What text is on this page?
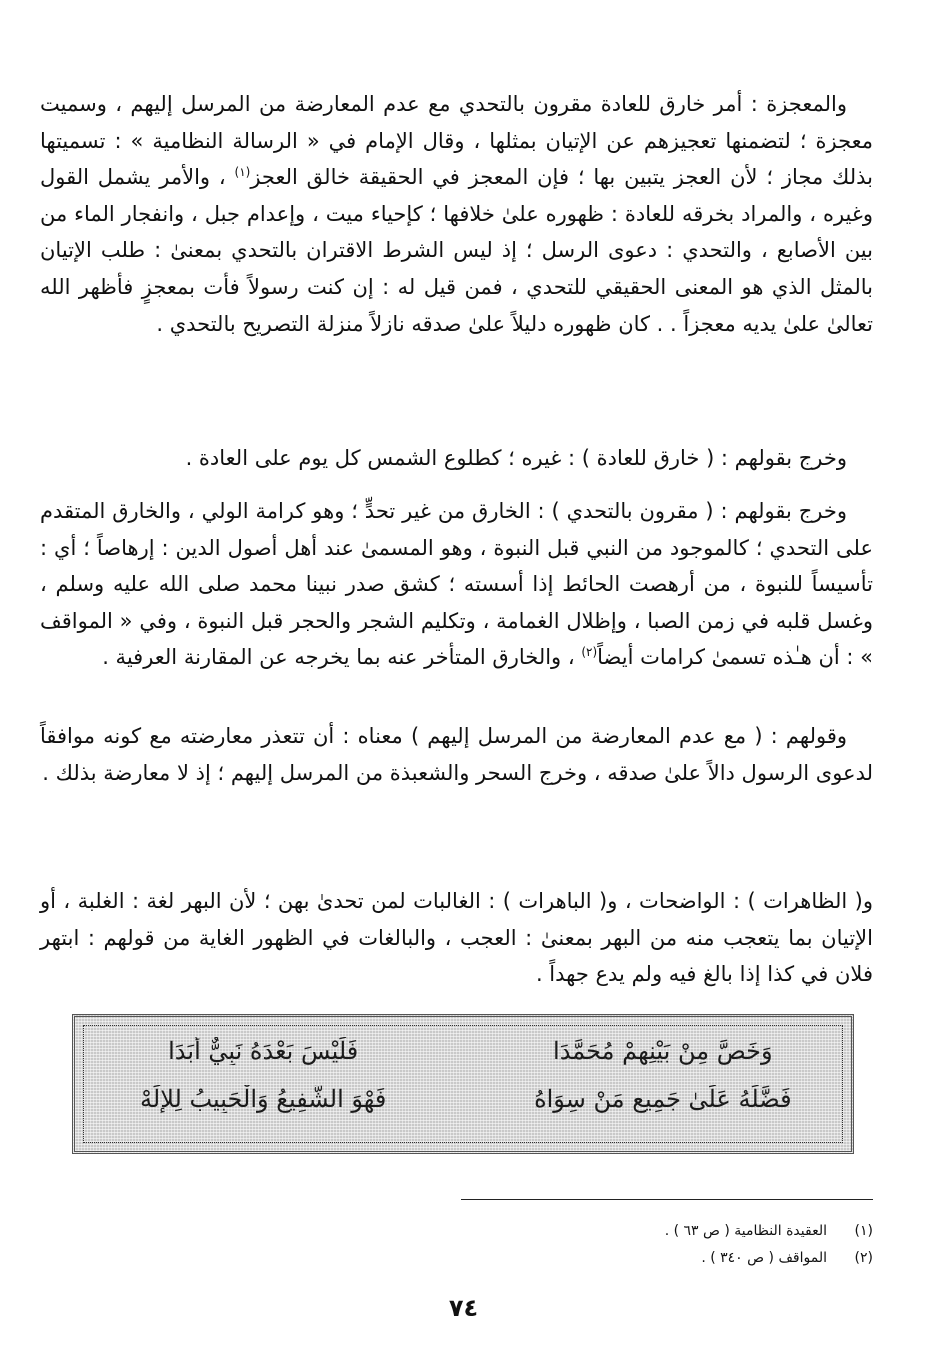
والمعجزة : أمر خارق للعادة مقرون بالتحدي مع عدم المعارضة من المرسل إليهم ، وسميت معجزة ؛ لتضمنها تعجيزهم عن الإتيان بمثلها ، وقال الإمام في « الرسالة النظامية » : تسميتها بذلك مجاز ؛ لأن العجز يتبين بها ؛ فإن المعجز في الحقيقة خالق العجز$^{(١)}$ ، والأمر يشمل القول وغيره ، والمراد بخرقه للعادة : ظهوره علىٰ خلافها ؛ كإحياء ميت ، وإعدام جبل ، وانفجار الماء من بين الأصابع ، والتحدي : دعوى الرسل ؛ إذ ليس الشرط الاقتران بالتحدي بمعنىٰ : طلب الإتيان بالمثل الذي هو المعنى الحقيقي للتحدي ، فمن قيل له : إن كنت رسولاً فأت بمعجزٍ فأظهر الله تعالىٰ علىٰ يديه معجزاً . . كان ظهوره دليلاً علىٰ صدقه نازلاً منزلة التصريح بالتحدي .

وخرج بقولهم : ( خارق للعادة ) : غيره ؛ كطلوع الشمس كل يوم على العادة .

وخرج بقولهم : ( مقرون بالتحدي ) : الخارق من غير تحدٍّ ؛ وهو كرامة الولي ، والخارق المتقدم على التحدي ؛ كالموجود من النبي قبل النبوة ، وهو المسمىٰ عند أهل أصول الدين : إرهاصاً ؛ أي : تأسيساً للنبوة ، من أرهصت الحائط إذا أسسته ؛ كشق صدر نبينا محمد صلى الله عليه وسلم ، وغسل قلبه في زمن الصبا ، وإظلال الغمامة ، وتكليم الشجر والحجر قبل النبوة ، وفي « المواقف » : أن هـٰذه تسمىٰ كرامات أيضاً$^{(٢)}$ ، والخارق المتأخر عنه بما يخرجه عن المقارنة العرفية .

وقولهم : ( مع عدم المعارضة من المرسل إليهم ) معناه : أن تتعذر معارضته مع كونه موافقاً لدعوى الرسول دالاً علىٰ صدقه ، وخرج السحر والشعبذة من المرسل إليهم ؛ إذ لا معارضة بذلك .

و( الظاهرات ) : الواضحات ، و( الباهرات ) : الغالبات لمن تحدىٰ بهن ؛ لأن البهر لغة : الغلبة ، أو الإتيان بما يتعجب منه من البهر بمعنىٰ : العجب ، والبالغات في الظهور الغاية من قولهم : ابتهر فلان في كذا إذا بالغ فيه ولم يدع جهداً .

وَخَصَّ مِنْ بَيْنِهِمْ مُحَمَّدَا
فَلَيْسَ بَعْدَهُ نَبِيٌّ أَبَدَا
فَضَّلَهُ عَلَىٰ جَمِيعِ مَنْ سِوَاهُ
فَهْوَ الشَّفِيعُ وَالْحَبِيبُ لِلإِلَهْ
(١)
العقيدة النظامية ( ص ٦٣ ) .
(٢)
المواقف ( ص ٣٤٠ ) .
٧٤
